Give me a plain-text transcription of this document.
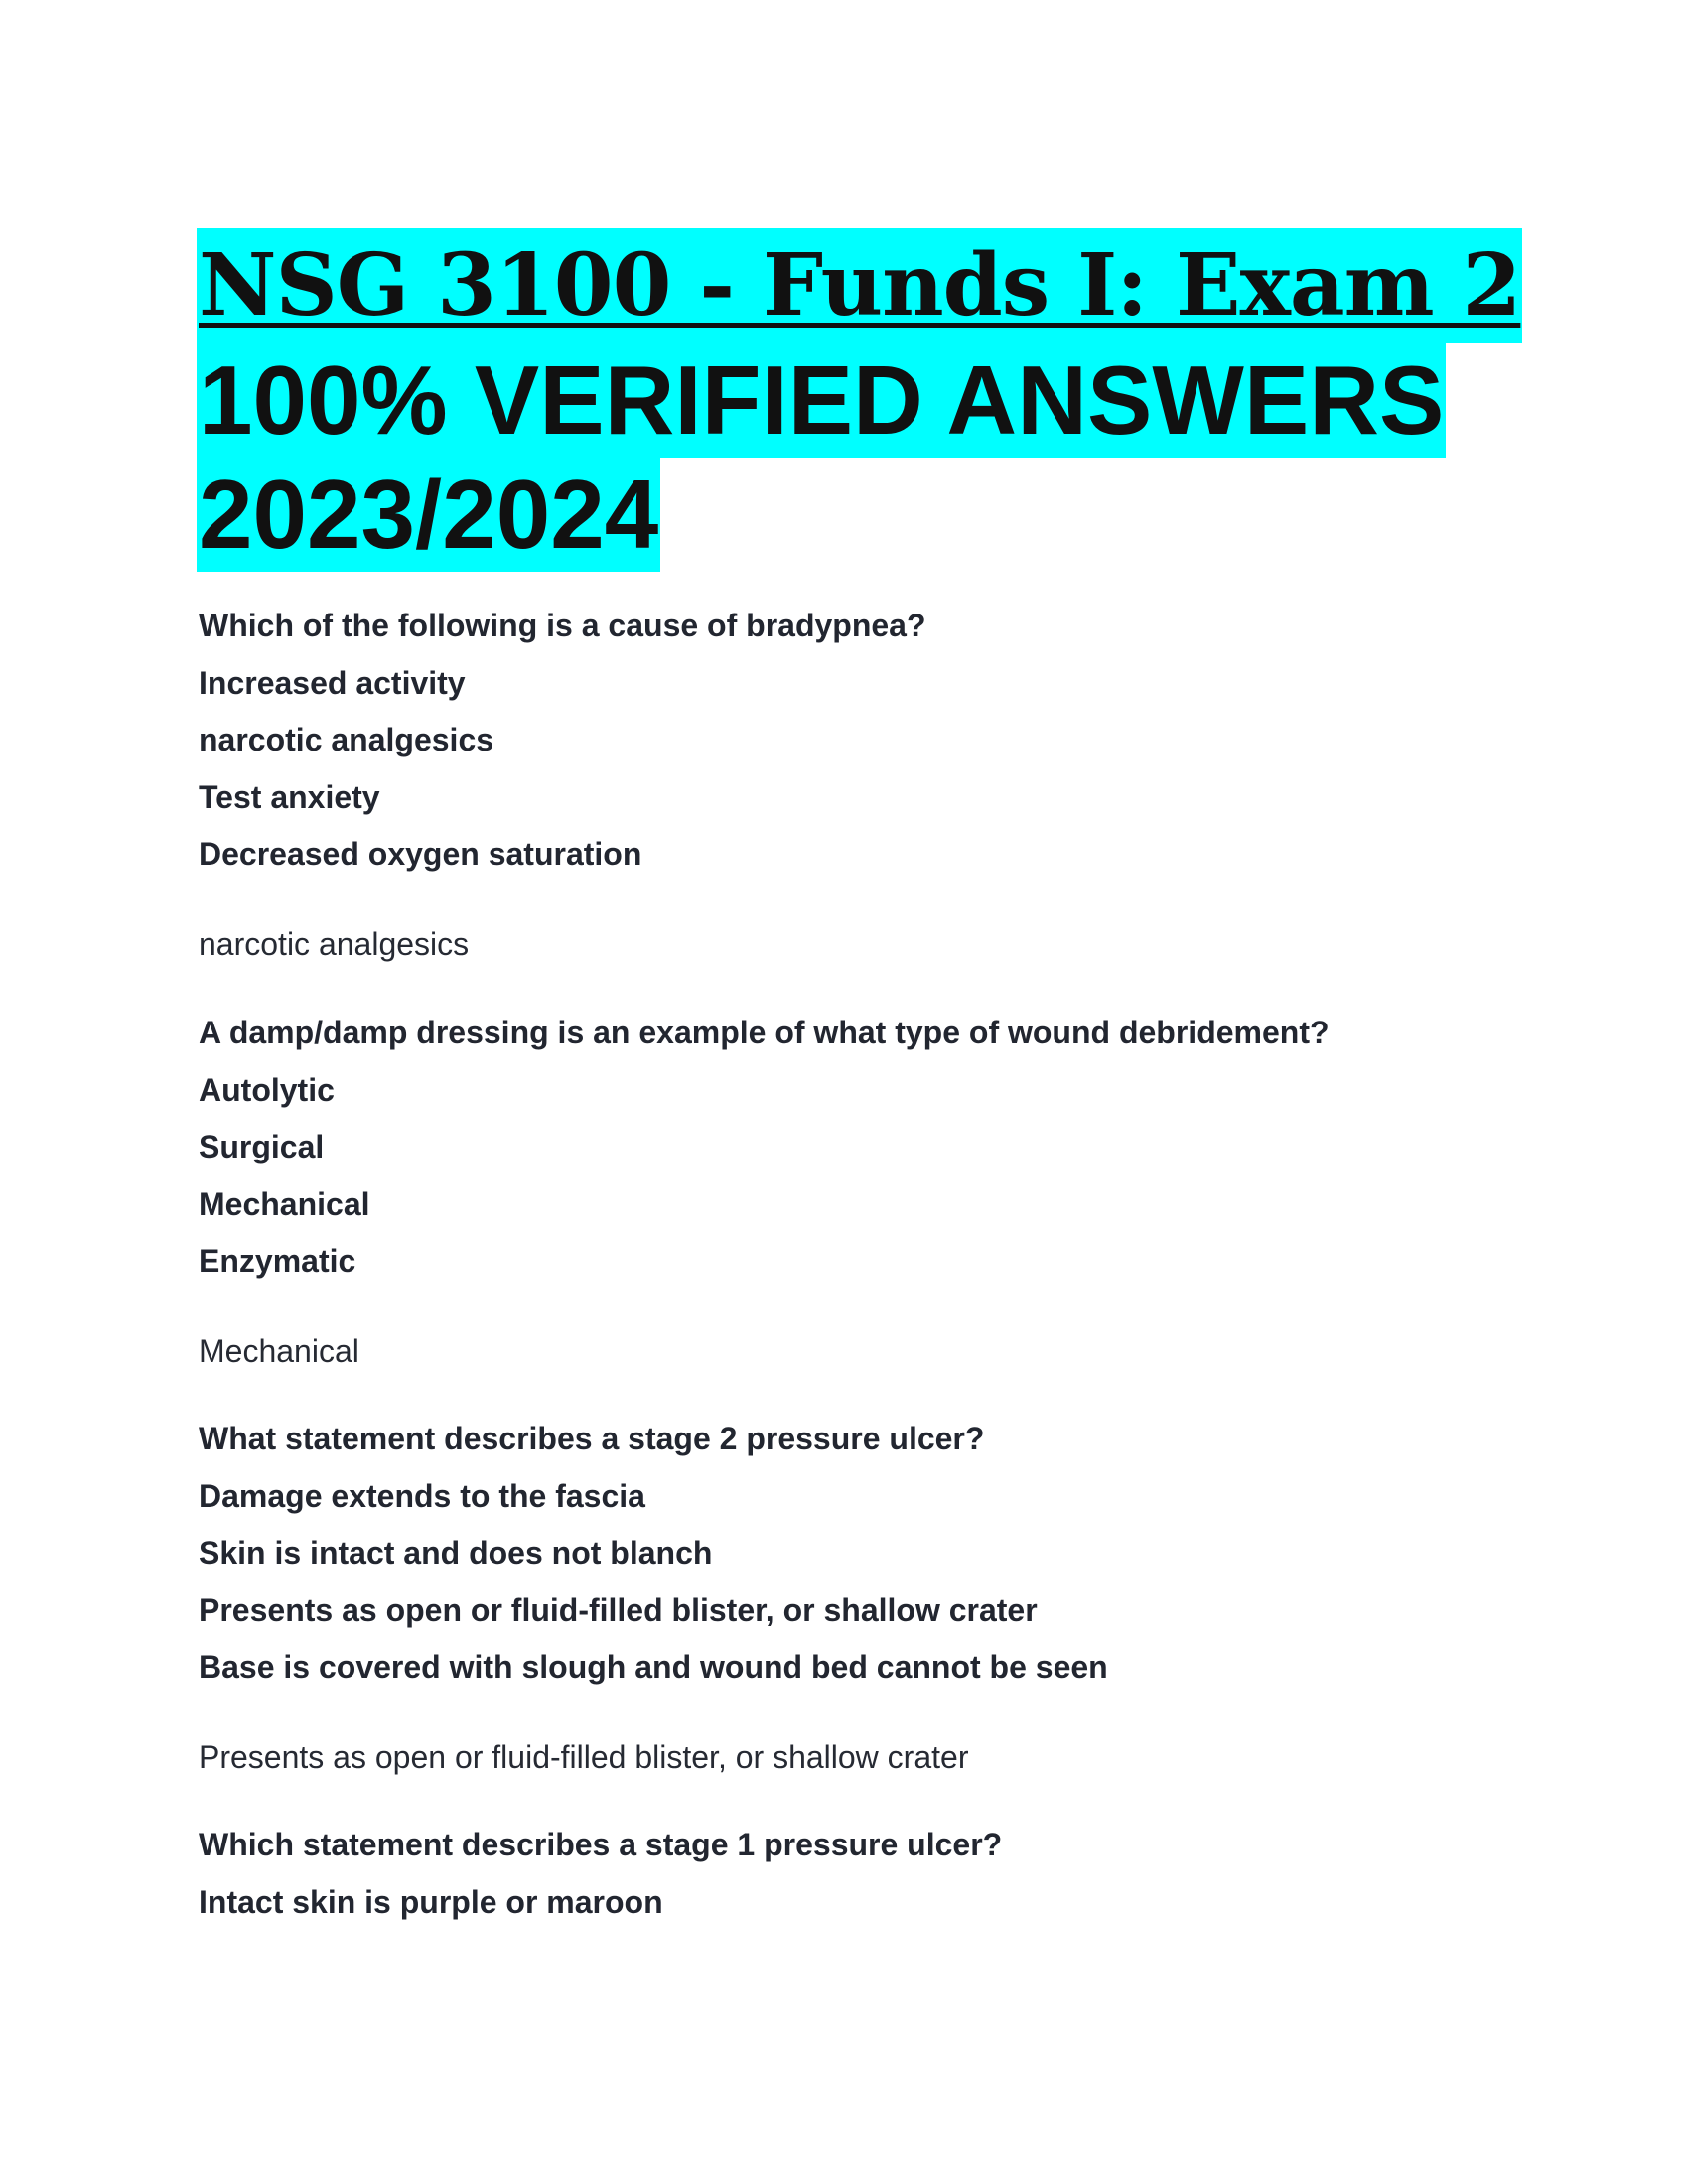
NSG 3100 - Funds I: Exam 2
100% VERIFIED ANSWERS
2023/2024
Which of the following is a cause of bradypnea?
Increased activity
narcotic analgesics
Test anxiety
Decreased oxygen saturation
narcotic analgesics
A damp/damp dressing is an example of what type of wound debridement?
Autolytic
Surgical
Mechanical
Enzymatic
Mechanical
What statement describes a stage 2 pressure ulcer?
Damage extends to the fascia
Skin is intact and does not blanch
Presents as open or fluid-filled blister, or shallow crater
Base is covered with slough and wound bed cannot be seen
Presents as open or fluid-filled blister, or shallow crater
Which statement describes a stage 1 pressure ulcer?
Intact skin is purple or maroon
